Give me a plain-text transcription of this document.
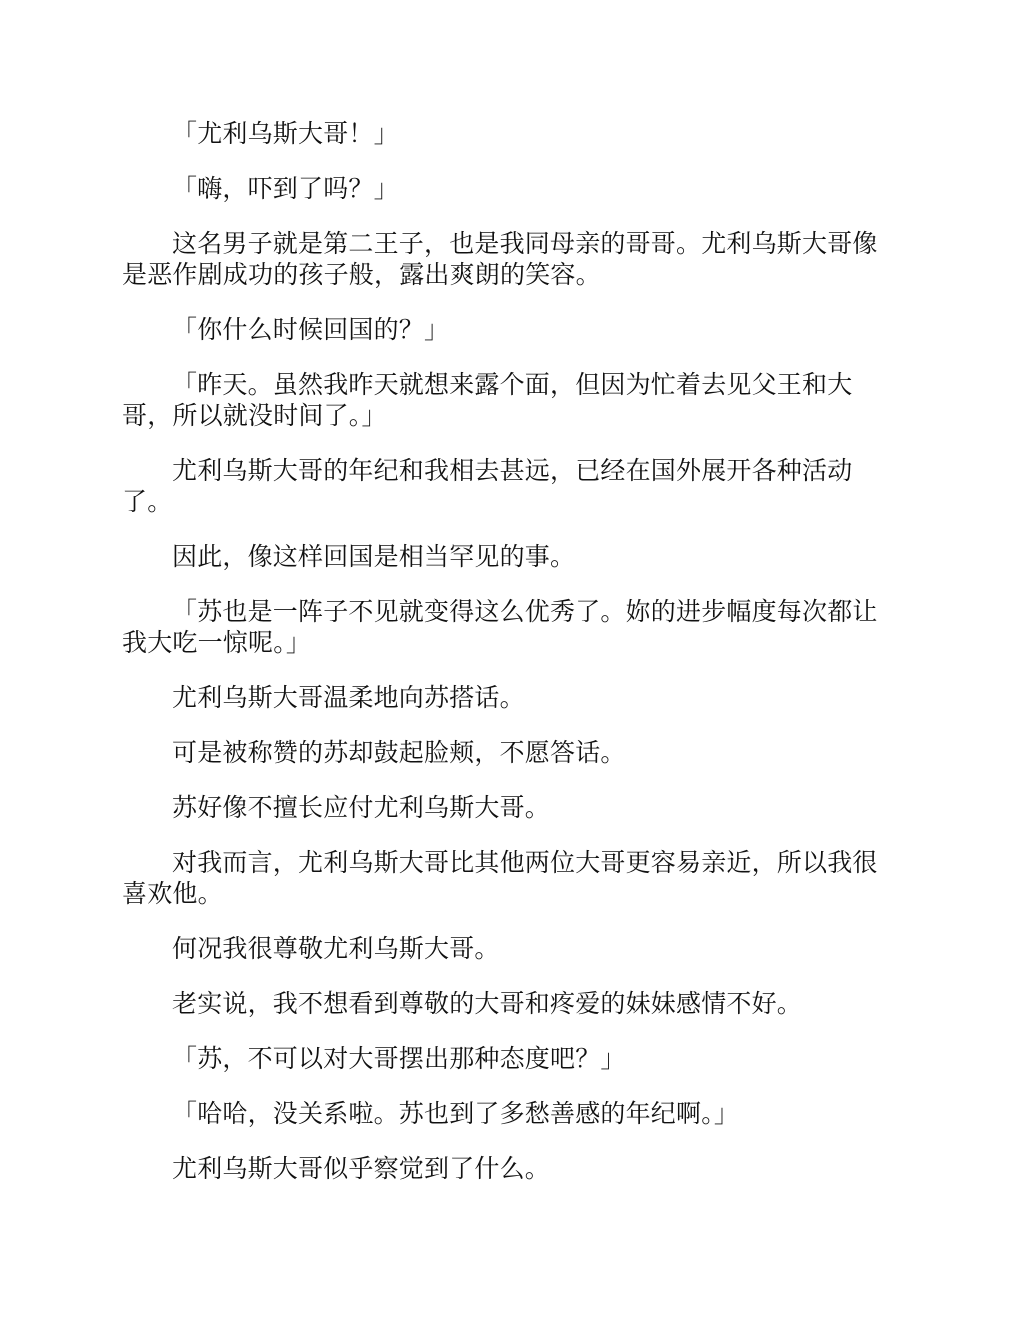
「尤利乌斯大哥！」

「嗨，吓到了吗？」

这名男子就是第二王子，也是我同母亲的哥哥。尤利乌斯大哥像是恶作剧成功的孩子般，露出爽朗的笑容。

「你什么时候回国的？」

「昨天。虽然我昨天就想来露个面，但因为忙着去见父王和大哥，所以就没时间了。」

尤利乌斯大哥的年纪和我相去甚远，已经在国外展开各种活动了。

因此，像这样回国是相当罕见的事。

「苏也是一阵子不见就变得这么优秀了。妳的进步幅度每次都让我大吃一惊呢。」

尤利乌斯大哥温柔地向苏搭话。

可是被称赞的苏却鼓起脸颊，不愿答话。

苏好像不擅长应付尤利乌斯大哥。

对我而言，尤利乌斯大哥比其他两位大哥更容易亲近，所以我很喜欢他。

何况我很尊敬尤利乌斯大哥。

老实说，我不想看到尊敬的大哥和疼爱的妹妹感情不好。

「苏，不可以对大哥摆出那种态度吧？」

「哈哈，没关系啦。苏也到了多愁善感的年纪啊。」

尤利乌斯大哥似乎察觉到了什么。
